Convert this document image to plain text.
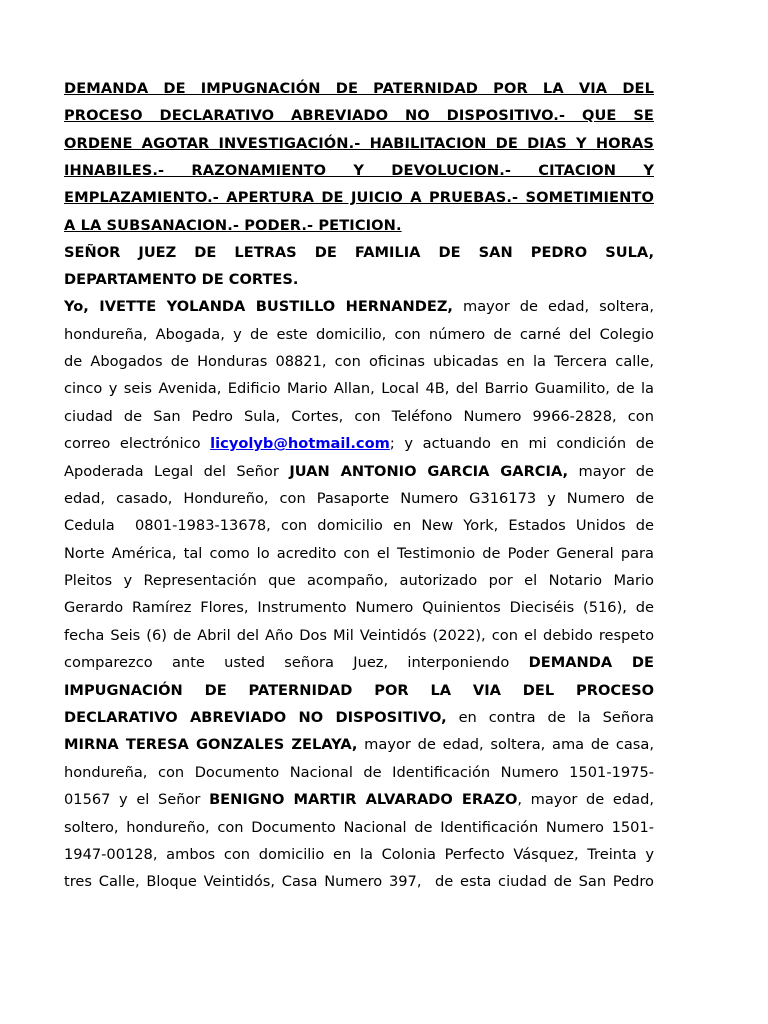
DEMANDA DE IMPUGNACIÓN DE PATERNIDAD POR LA VIA DEL
PROCESO DECLARATIVO ABREVIADO NO DISPOSITIVO.- QUE SE
ORDENE AGOTAR INVESTIGACIÓN.- HABILITACION DE DIAS Y HORAS
IHNABILES.- RAZONAMIENTO Y DEVOLUCION.- CITACION Y
EMPLAZAMIENTO.- APERTURA DE JUICIO A PRUEBAS.- SOMETIMIENTO
A LA SUBSANACION.- PODER.- PETICION.
SEÑOR JUEZ DE LETRAS DE FAMILIA DE SAN PEDRO SULA,
DEPARTAMENTO DE CORTES.
Yo, IVETTE YOLANDA BUSTILLO HERNANDEZ, mayor de edad, soltera,
hondureña, Abogada, y de este domicilio, con número de carné del Colegio
de Abogados de Honduras 08821, con oficinas ubicadas en la Tercera calle,
cinco y seis Avenida, Edificio Mario Allan, Local 4B, del Barrio Guamilito, de la
ciudad de San Pedro Sula, Cortes, con Teléfono Numero 9966-2828, con
correo electrónico licyolyb@hotmail.com; y actuando en mi condición de
Apoderada Legal del Señor JUAN ANTONIO GARCIA GARCIA, mayor de
edad, casado, Hondureño, con Pasaporte Numero G316173 y Numero de
Cedula  0801-1983-13678, con domicilio en New York, Estados Unidos de
Norte América, tal como lo acredito con el Testimonio de Poder General para
Pleitos y Representación que acompaño, autorizado por el Notario Mario
Gerardo Ramírez Flores, Instrumento Numero Quinientos Dieciséis (516), de
fecha Seis (6) de Abril del Año Dos Mil Veintidós (2022), con el debido respeto
comparezco ante usted señora Juez, interponiendo DEMANDA DE
IMPUGNACIÓN DE PATERNIDAD POR LA VIA DEL PROCESO
DECLARATIVO ABREVIADO NO DISPOSITIVO, en contra de la Señora
MIRNA TERESA GONZALES ZELAYA, mayor de edad, soltera, ama de casa,
hondureña, con Documento Nacional de Identificación Numero 1501-1975-
01567 y el Señor BENIGNO MARTIR ALVARADO ERAZO, mayor de edad,
soltero, hondureño, con Documento Nacional de Identificación Numero 1501-
1947-00128, ambos con domicilio en la Colonia Perfecto Vásquez, Treinta y
tres Calle, Bloque Veintidós, Casa Numero 397,  de esta ciudad de San Pedro
